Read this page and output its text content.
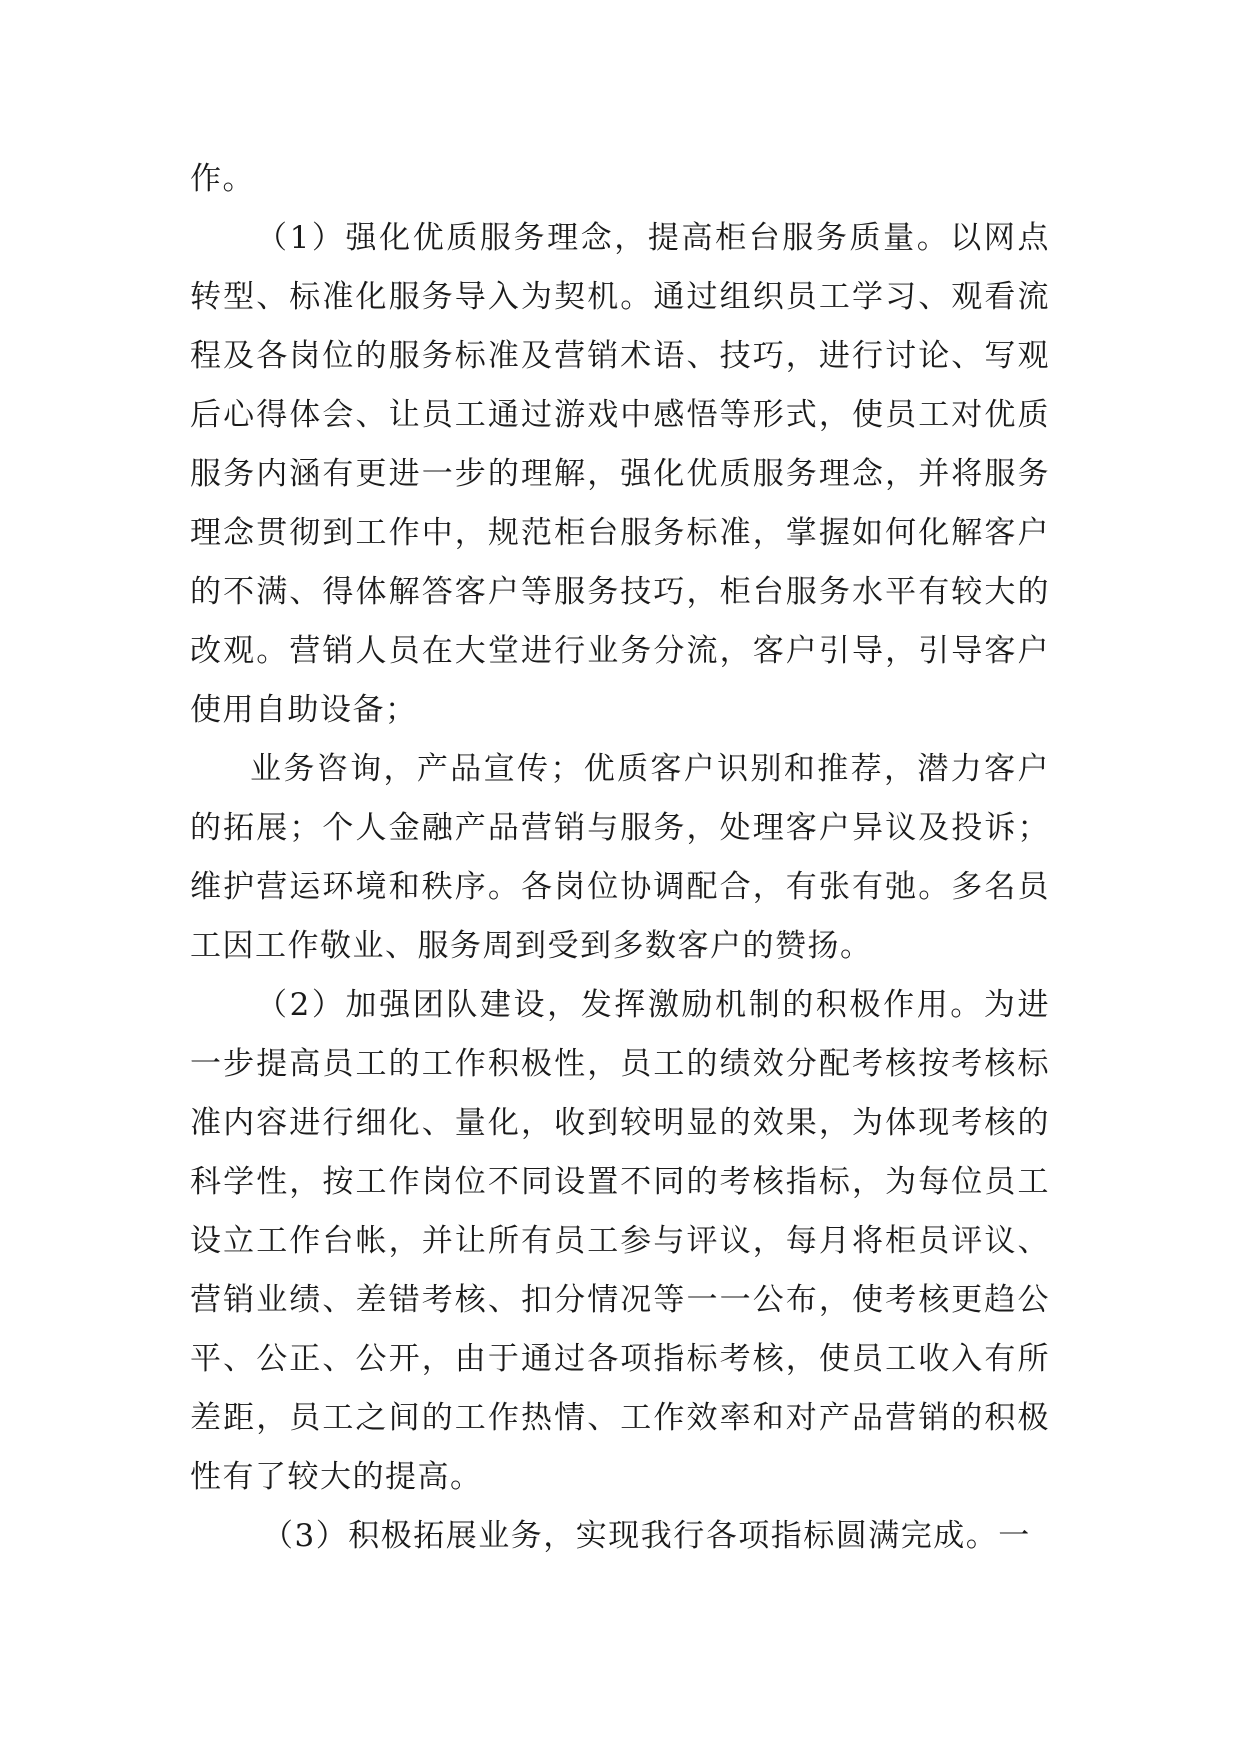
作。

（1）强化优质服务理念，提高柜台服务质量。以网点转型、标准化服务导入为契机。通过组织员工学习、观看流程及各岗位的服务标准及营销术语、技巧，进行讨论、写观后心得体会、让员工通过游戏中感悟等形式，使员工对优质服务内涵有更进一步的理解，强化优质服务理念，并将服务理念贯彻到工作中，规范柜台服务标准，掌握如何化解客户的不满、得体解答客户等服务技巧，柜台服务水平有较大的改观。营销人员在大堂进行业务分流，客户引导，引导客户使用自助设备；

业务咨询，产品宣传；优质客户识别和推荐，潜力客户的拓展；个人金融产品营销与服务，处理客户异议及投诉；维护营运环境和秩序。各岗位协调配合，有张有弛。多名员工因工作敬业、服务周到受到多数客户的赞扬。

（2）加强团队建设，发挥激励机制的积极作用。为进一步提高员工的工作积极性，员工的绩效分配考核按考核标准内容进行细化、量化，收到较明显的效果，为体现考核的科学性，按工作岗位不同设置不同的考核指标，为每位员工设立工作台帐，并让所有员工参与评议，每月将柜员评议、营销业绩、差错考核、扣分情况等一一公布，使考核更趋公平、公正、公开，由于通过各项指标考核，使员工收入有所差距，员工之间的工作热情、工作效率和对产品营销的积极性有了较大的提高。

（3）积极拓展业务，实现我行各项指标圆满完成。一
